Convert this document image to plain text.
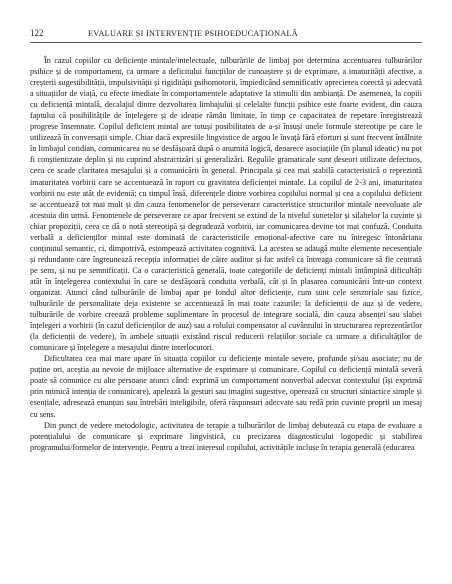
122	EVALUARE ȘI INTERVENȚIE PSIHOEDUCAȚIONALĂ

În cazul copiilor cu deficiențe mintale/intelectuale, tulburările de limbaj pot determina accentuarea tulburărilor psihice și de comportament, ca urmare a deficitului funcțiilor de cunoaștere și de exprimare, a imaturității afective, a creșterii sugestibilității, impulsivității și rigidității psihomotorii, împiedicând semnificativ aprecierea corectă și adecvată a situațiilor de viață, cu efecte imediate în comportamentele adaptative la stimulii din ambianță. De asemenea, la copiii cu deficiență mintală, decalajul dintre dezvoltarea limbajului și celelalte funcții psihice este foarte evident, din cauza faptului că posibilitățile de înțelegere și de ideație rămân limitate, în timp ce capacitatea de repetare înregistrează progrese însemnate. Copilul deficient mintal are totuși posibilitatea de a-și însuși unele formule stereotipe pe care le utilizează în conversații simple. Chiar dacă expresiile lingvistice de argou le învață fără eforturi și sunt frecvent întâlnite în limbajul cotidian, comunicarea nu se desfășoară după o anumită logică, deoarece asociațiile (în planul ideatic) nu pot fi conștientizate deplin și nu cuprind abstractizări și generalizări. Regulile gramaticale sunt deseori utilizate defectuos, ceea ce scade claritatea mesajului și a comunicării în general. Principala și cea mai stabilă caracteristică o reprezintă imaturitatea vorbirii care se accentuează în raport cu gravitatea deficienței mintale. La copilul de 2-3 ani, imaturitatea vorbirii nu este atât de evidentă; cu timpul însă, diferențele dintre vorbirea copilului normal și cea a copilului deficient se accentuează tot mai mult și din cauza fenomenelor de perseverare caracteristice structurilor mintale neevoluate ale acestuia din urmă. Fenomenele de perseverare ce apar frecvent se extind de la nivelul sunetelor și silabelor la cuvinte și chiar propoziții, ceea ce dă o notă stereotipă și degradează vorbirii, iar comunicarea devine tot mai confuză. Conduita verbală a deficienților mintal este dominată de caracteristicile emoțional-afective care nu întregesc întonăriana conținutul semantic, ci, dimpotrivă, estompează activitatea cognitivă. La acestea se adaugă multe elemente necesențiale și redundante care îngreunează recepția informației de către auditor și fac astfel ca întreaga comunicare să fie centrată pe sens, și nu pe semnificații. Ca o caracteristică generală, toate categoriile de deficienți mintali întâmpină dificultăți atât în înțelegerea contextului în care se desfășoară conduita verbală, cât și în plasarea comunicării într-un context organizat. Atunci când tulburările de limbaj apar pe fondul altor deficiențe, cum sunt cele senzoriale sau fizice, tulburările de personalitate deja existente se accentuează în mai toate cazurile; la deficienții de auz și de vedere, tulburările de vorbire creează probleme suplimentare în procesul de integrare socială, din cauza absenței sau slabei înțelegeri a vorbirii (în cazul deficienților de auz) sau a rolului compensator al cuvântului în structurarea reprezentărilor (la deficienții de vedere), în ambele situații existând riscul reducerii relațiilor sociale ca urmare a dificultăților de comunicare și înțelegere a mesajului dintre interlocutori.

Dificultatea cea mai mare apare în situația copiilor cu deficiențe mintale severe, profunde și/sau asociate; nu de puține ori, aceștia au nevoie de mijloace alternative de exprimare și comunicare. Copilul cu deficiență mintală severă poate să comunice cu alte persoane atunci când: exprimă un comportament nonverbal adecvat contextului (își exprimă prin mimică intenția de comunicare), apelează la gesturi sau imagini sugestive, operează cu structuri sintactice simple și esențiale, adresează enunțuri sau întrebări inteligibile, oferă răspunsuri adecvate sau redă prin cuvinte proprii un mesaj cu sens.

Din punct de vedere metodologic, activitatea de terapie a tulburărilor de limbaj debutează cu etapa de evaluare a potențialului de comunicare și exprimare lingvistică, cu precizarea diagnosticului logopedic și stabilirea programului/formelor de intervenție. Pentru a trezi interesul copilului, activitățile incluse în terapia generală (educarea
